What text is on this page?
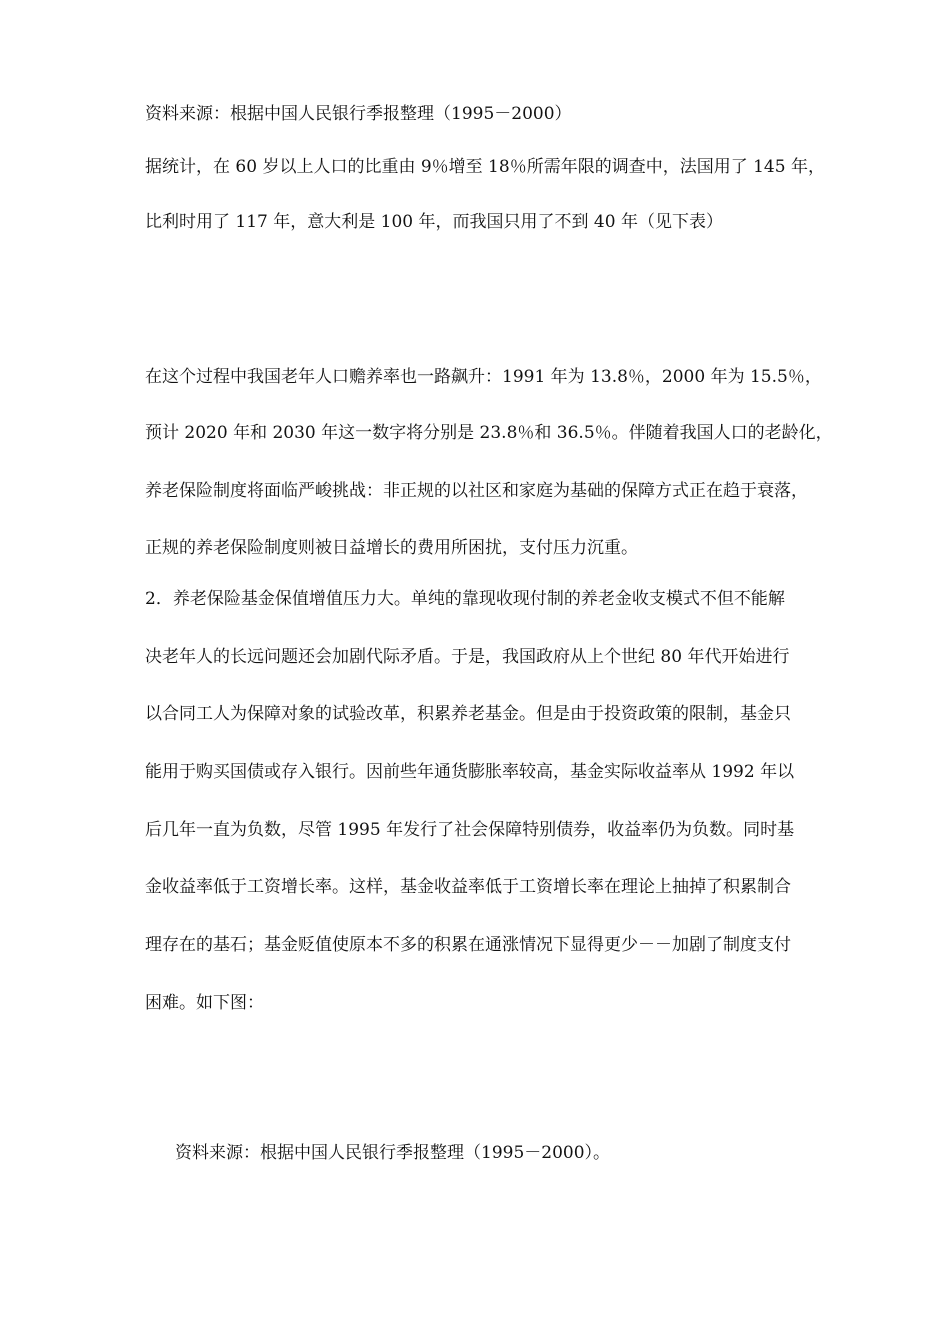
资料来源：根据中国人民银行季报整理（1995－2000）
据统计，在 60 岁以上人口的比重由 9％增至 18％所需年限的调查中，法国用了 145 年，
比利时用了 117 年，意大利是 100 年，而我国只用了不到 40 年（见下表）
在这个过程中我国老年人口赡养率也一路飙升：1991 年为 13.8％，2000 年为 15.5％，
预计 2020 年和 2030 年这一数字将分别是 23.8％和 36.5％。伴随着我国人口的老龄化，
养老保险制度将面临严峻挑战：非正规的以社区和家庭为基础的保障方式正在趋于衰落，
正规的养老保险制度则被日益增长的费用所困扰，支付压力沉重。
2．养老保险基金保值增值压力大。单纯的靠现收现付制的养老金收支模式不但不能解
决老年人的长远问题还会加剧代际矛盾。于是，我国政府从上个世纪 80 年代开始进行
以合同工人为保障对象的试验改革，积累养老基金。但是由于投资政策的限制，基金只
能用于购买国债或存入银行。因前些年通货膨胀率较高，基金实际收益率从 1992 年以
后几年一直为负数，尽管 1995 年发行了社会保障特别债券，收益率仍为负数。同时基
金收益率低于工资增长率。这样，基金收益率低于工资增长率在理论上抽掉了积累制合
理存在的基石；基金贬值使原本不多的积累在通涨情况下显得更少－－加剧了制度支付
困难。如下图：
资料来源：根据中国人民银行季报整理（1995－2000）。
